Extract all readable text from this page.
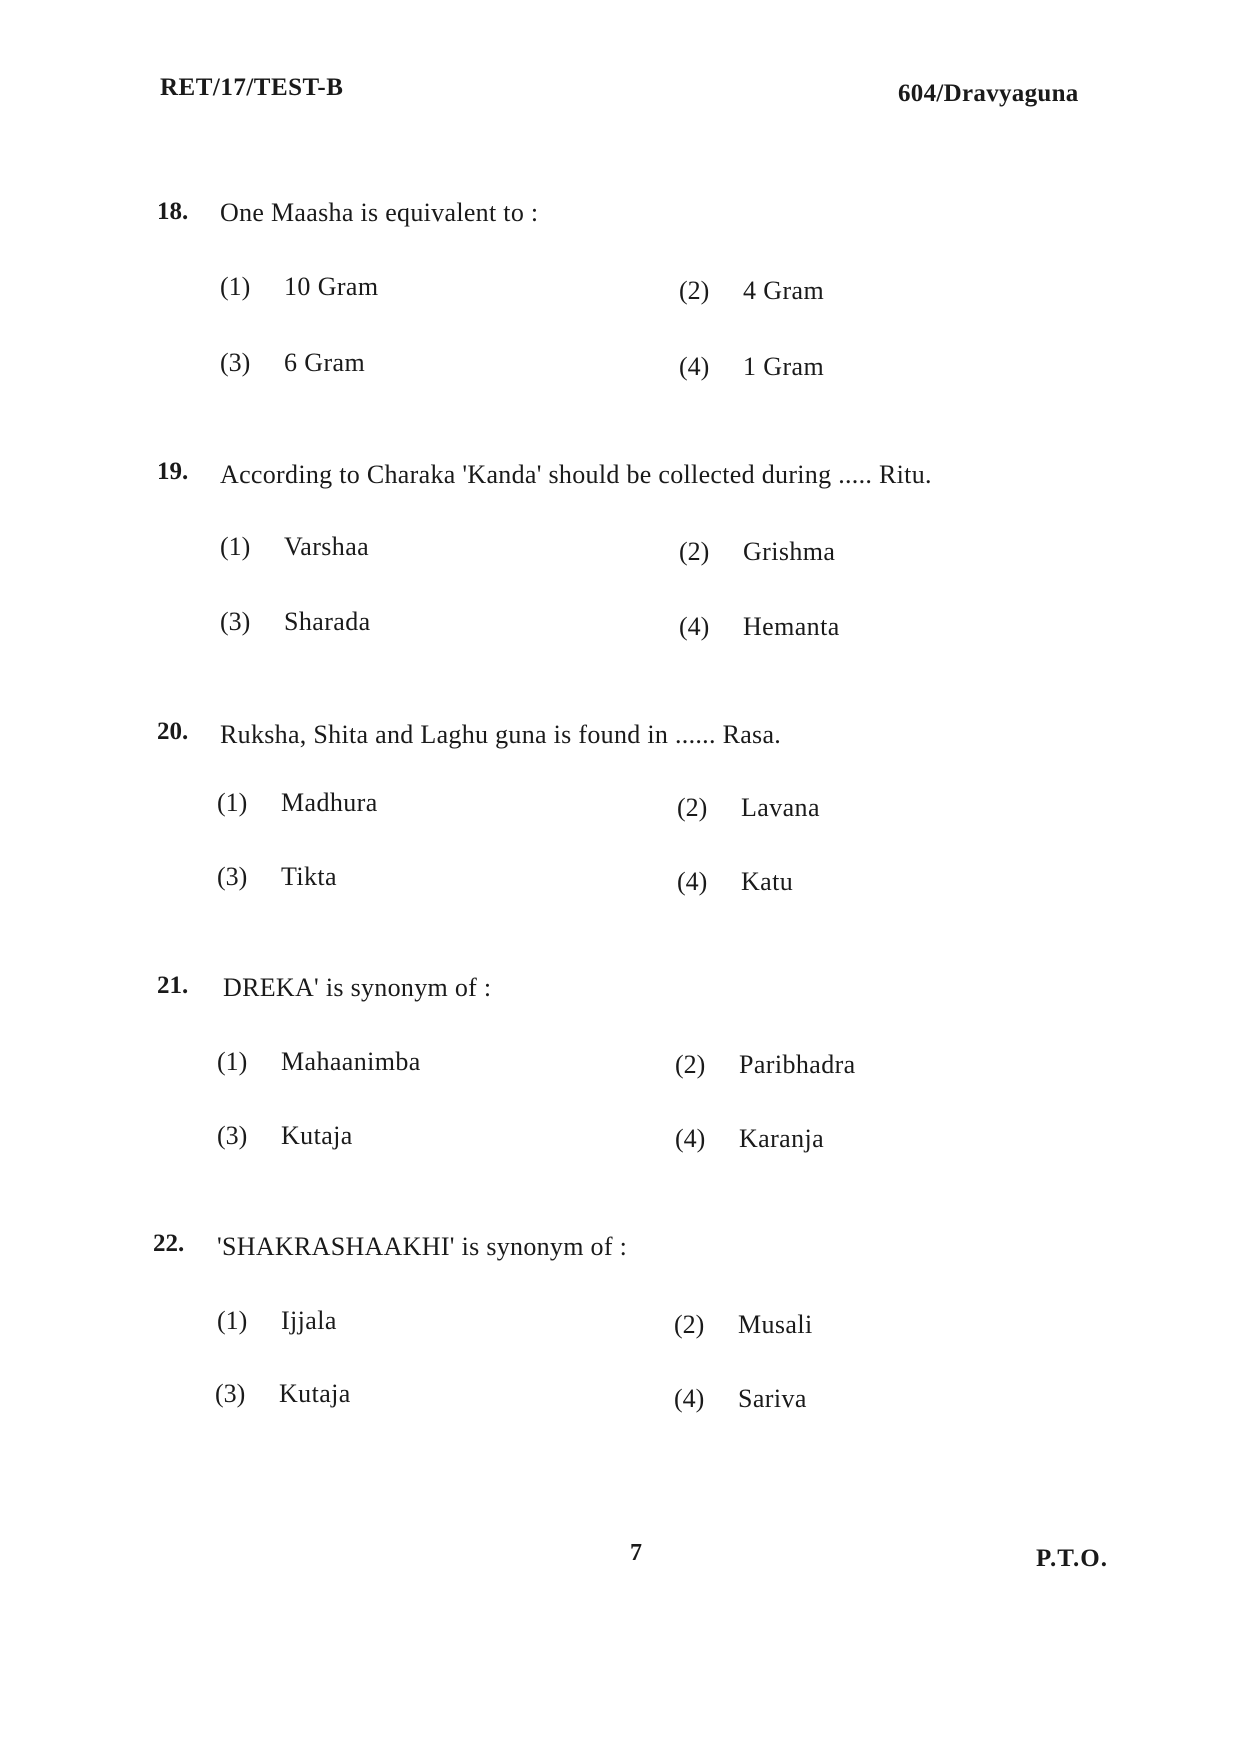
RET/17/TEST-B	604/Dravyaguna
18. One Maasha is equivalent to :
(1) 10 Gram	(2) 4 Gram
(3) 6 Gram	(4) 1 Gram
19. According to Charaka 'Kanda' should be collected during ..... Ritu.
(1) Varshaa	(2) Grishma
(3) Sharada	(4) Hemanta
20. Ruksha, Shita and Laghu guna is found in ...... Rasa.
(1) Madhura	(2) Lavana
(3) Tikta	(4) Katu
21. DREKA' is synonym of :
(1) Mahaanimba	(2) Paribhadra
(3) Kutaja	(4) Karanja
22. 'SHAKRASHAAKHI' is synonym of :
(1) Ijjala	(2) Musali
(3) Kutaja	(4) Sariva
7	P.T.O.
